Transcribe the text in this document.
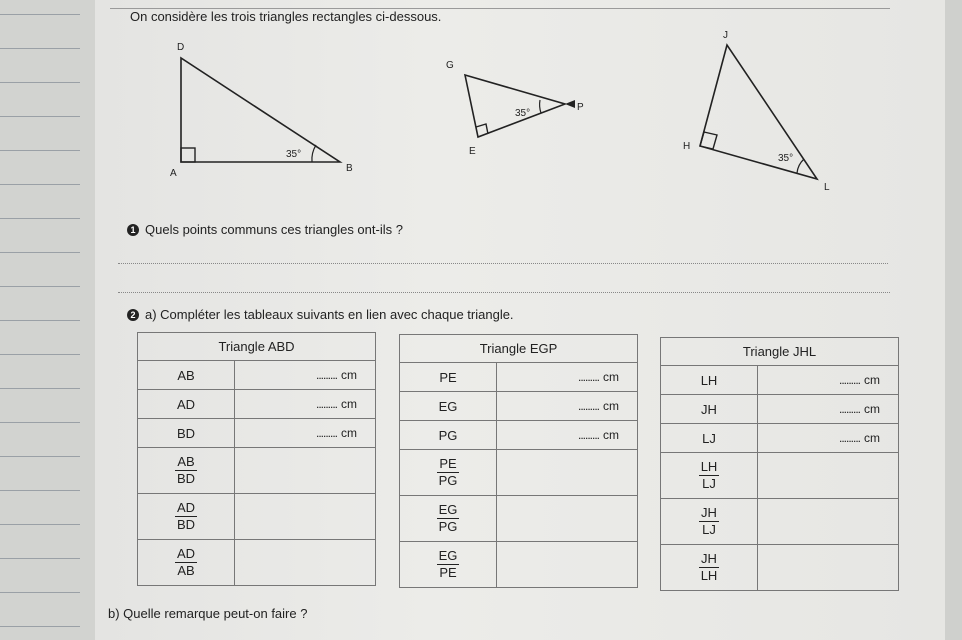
On considère les trois triangles rectangles ci-dessous.
D
A	B
35°
G
E
P
35°
J
H
L
35°
1 Quels points communs ces triangles ont-ils ?
2 a) Compléter les tableaux suivants en lien avec chaque triangle.
Triangle ABD	
AB	......... cm
AD	......... cm
BD	......... cm

$\frac{AB}{BD}$

$\frac{AD}{BD}$

$\frac{AD}{AB}$

Triangle EGP	
PE	......... cm
EG	......... cm
PG	......... cm

$\frac{PE}{PG}$

$\frac{EG}{PG}$

$\frac{EG}{PE}$

Triangle JHL	
LH	......... cm
JH	......... cm
LJ	......... cm

$\frac{LH}{LJ}$

$\frac{JH}{LJ}$

$\frac{JH}{LH}$

b) Quelle remarque peut-on faire ?
